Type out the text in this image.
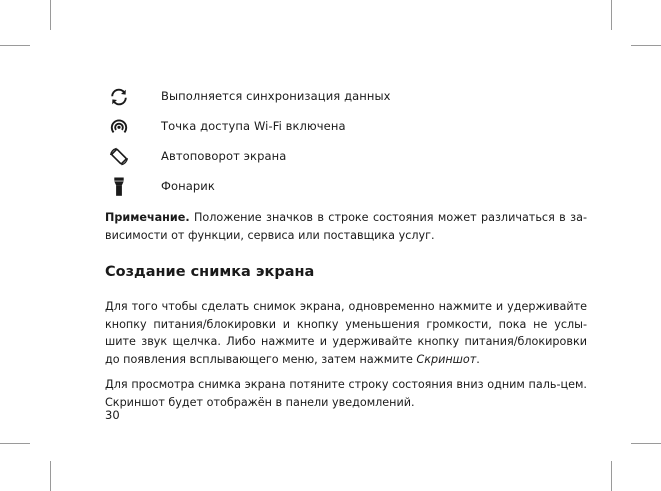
Выполняется синхронизация данных
Точка доступа Wi-Fi включена
Автоповорот экрана
Фонарик

Примечание. Положение значков в строке состояния может различаться в за-висимости от функции, сервиса или поставщика услуг.

Создание снимка экрана

Для того чтобы сделать снимок экрана, одновременно нажмите и удерживайте кнопку питания/блокировки и кнопку уменьшения громкости, пока не услы-шите звук щелчка. Либо нажмите и удерживайте кнопку питания/блокировки до появления всплывающего меню, затем нажмите Скриншот.

Для просмотра снимка экрана потяните строку состояния вниз одним паль-цем. Скриншот будет отображён в панели уведомлений.

30
